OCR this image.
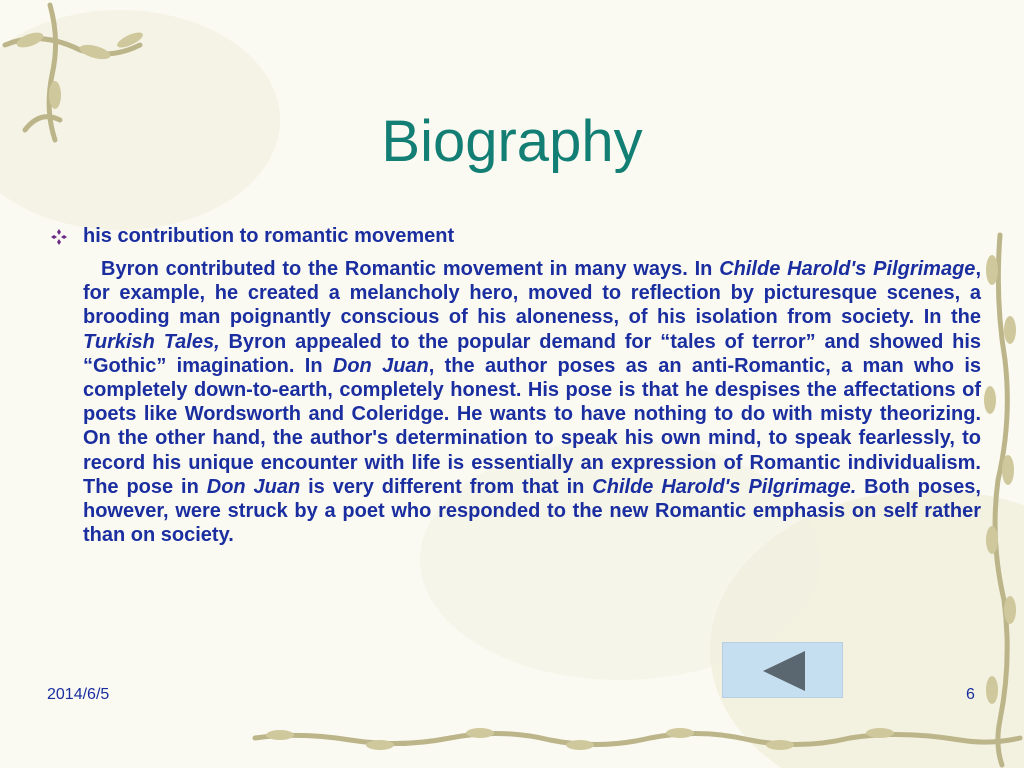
Biography
his contribution to romantic movement
Byron contributed to the Romantic movement in many ways. In Childe Harold's Pilgrimage, for example, he created a melancholy hero, moved to reflection by picturesque scenes, a brooding man poignantly conscious of his aloneness, of his isolation from society. In the Turkish Tales, Byron appealed to the popular demand for “tales of terror” and showed his “Gothic” imagination. In Don Juan, the author poses as an anti-Romantic, a man who is completely down-to-earth, completely honest. His pose is that he despises the affectations of poets like Wordsworth and Coleridge. He wants to have nothing to do with misty theorizing. On the other hand, the author's determination to speak his own mind, to speak fearlessly, to record his unique encounter with life is essentially an expression of Romantic individualism. The pose in Don Juan is very different from that in Childe Harold's Pilgrimage. Both poses, however, were struck by a poet who responded to the new Romantic emphasis on self rather than on society.
2014/6/5	6
